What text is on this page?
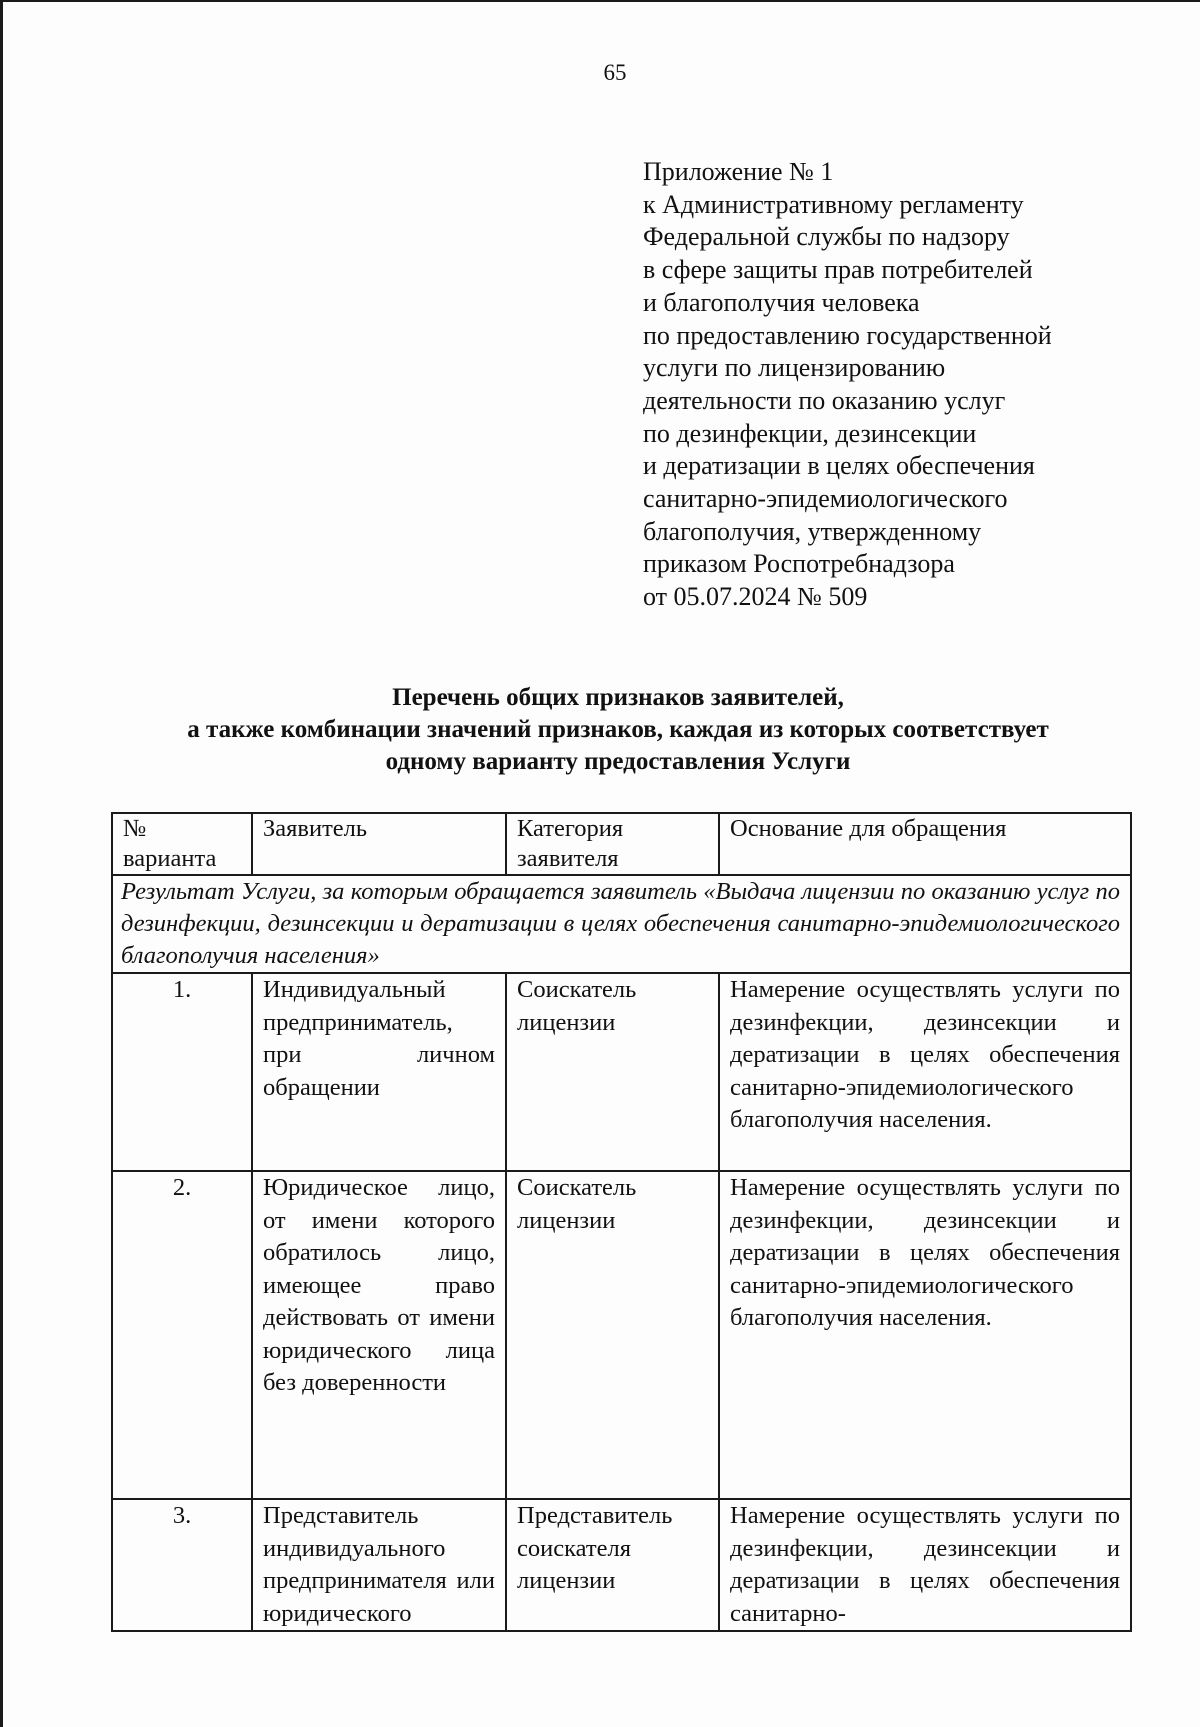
65
Приложение № 1
к Административному регламенту
Федеральной службы по надзору
в сфере защиты прав потребителей
и благополучия человека
по предоставлению государственной
услуги по лицензированию
деятельности по оказанию услуг
по дезинфекции, дезинсекции
и дератизации в целях обеспечения
санитарно-эпидемиологического
благополучия, утвержденному
приказом Роспотребнадзора
от 05.07.2024 № 509
Перечень общих признаков заявителей,
а также комбинации значений признаков, каждая из которых соответствует
одному варианту предоставления Услуги
№
варианта	Заявитель	Категория заявителя	Основание для обращения
Результат Услуги, за которым обращается заявитель «Выдача лицензии по оказанию услуг по дезинфекции, дезинсекции и дератизации в целях обеспечения санитарно-эпидемиологического благополучия населения»			
1.	Индивидуальный предприниматель, при личном обращении	Соискатель лицензии	Намерение осуществлять услуги по дезинфекции, дезинсекции и дератизации в целях обеспечения санитарно-эпидемиологического благополучия населения.
2.	Юридическое лицо, от имени которого обратилось лицо, имеющее право действовать от имени юридического лица без доверенности	Соискатель лицензии	Намерение осуществлять услуги по дезинфекции, дезинсекции и дератизации в целях обеспечения санитарно-эпидемиологического благополучия населения.
3.	Представитель индивидуального предпринимателя или юридического	Представитель соискателя лицензии	Намерение осуществлять услуги по дезинфекции, дезинсекции и дератизации в целях обеспечения санитарно-
